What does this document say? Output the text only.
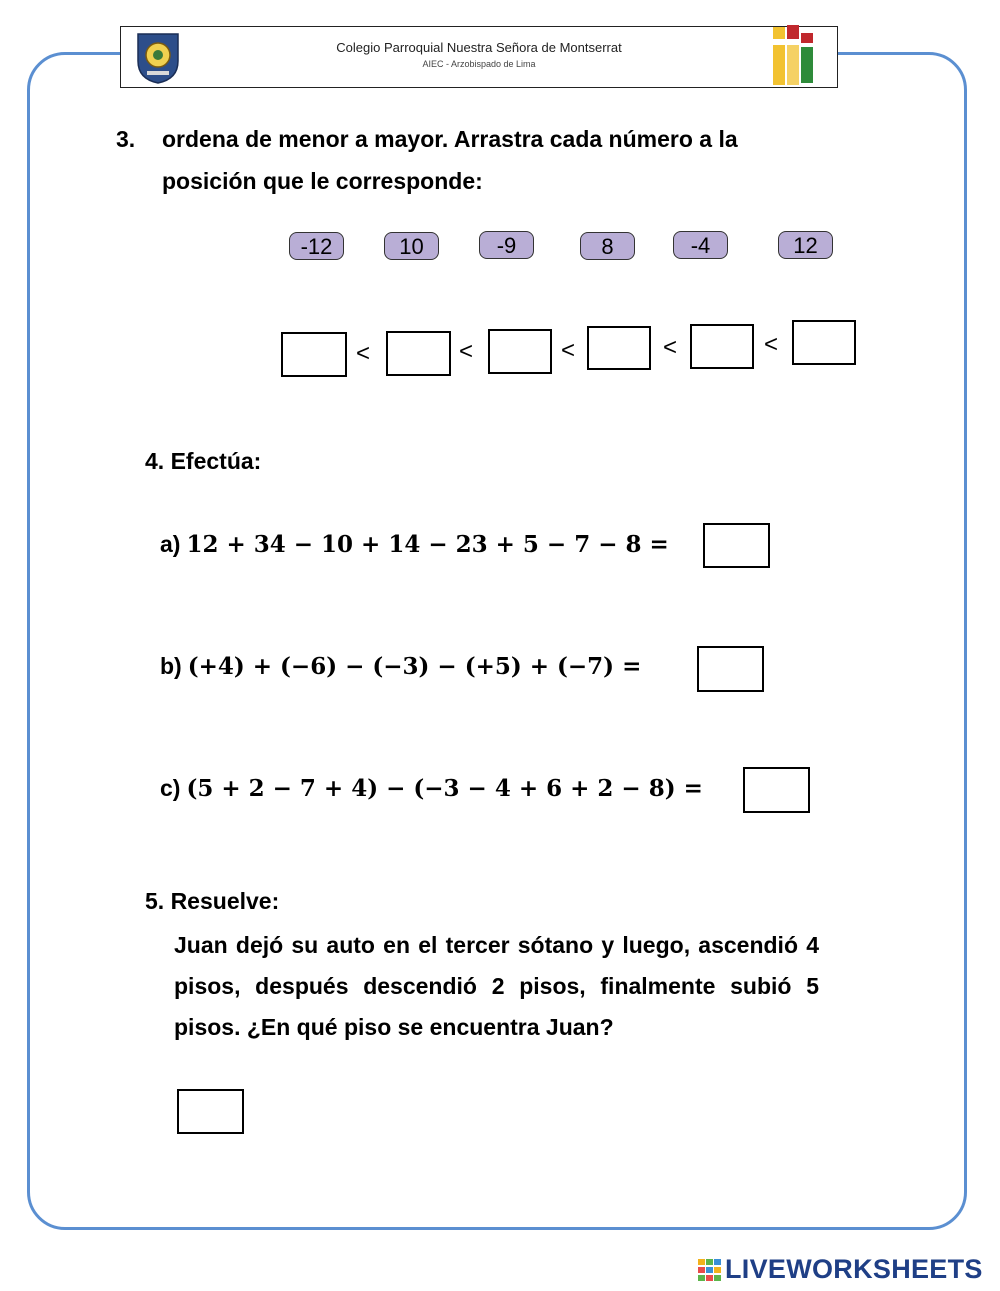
Colegio Parroquial Nuestra Señora de Montserrat
AIEC - Arzobispado de Lima
3. ordena de menor a mayor. Arrastra cada número a la
posición que le corresponde:
-12	10	-9	8	-4	12
<	<	<	<	<
4. Efectúa:
a) 12 + 34 − 10 + 14 − 23 + 5 − 7 − 8 =
b) (+4) + (−6) − (−3) − (+5) + (−7) =
c) (5 + 2 − 7 + 4) − (−3 − 4 + 6 + 2 − 8) =
5. Resuelve:
Juan dejó su auto en el tercer sótano y luego, ascendió 4 pisos, después descendió 2 pisos, finalmente subió 5 pisos. ¿En qué piso se encuentra Juan?
LIVEWORKSHEETS
